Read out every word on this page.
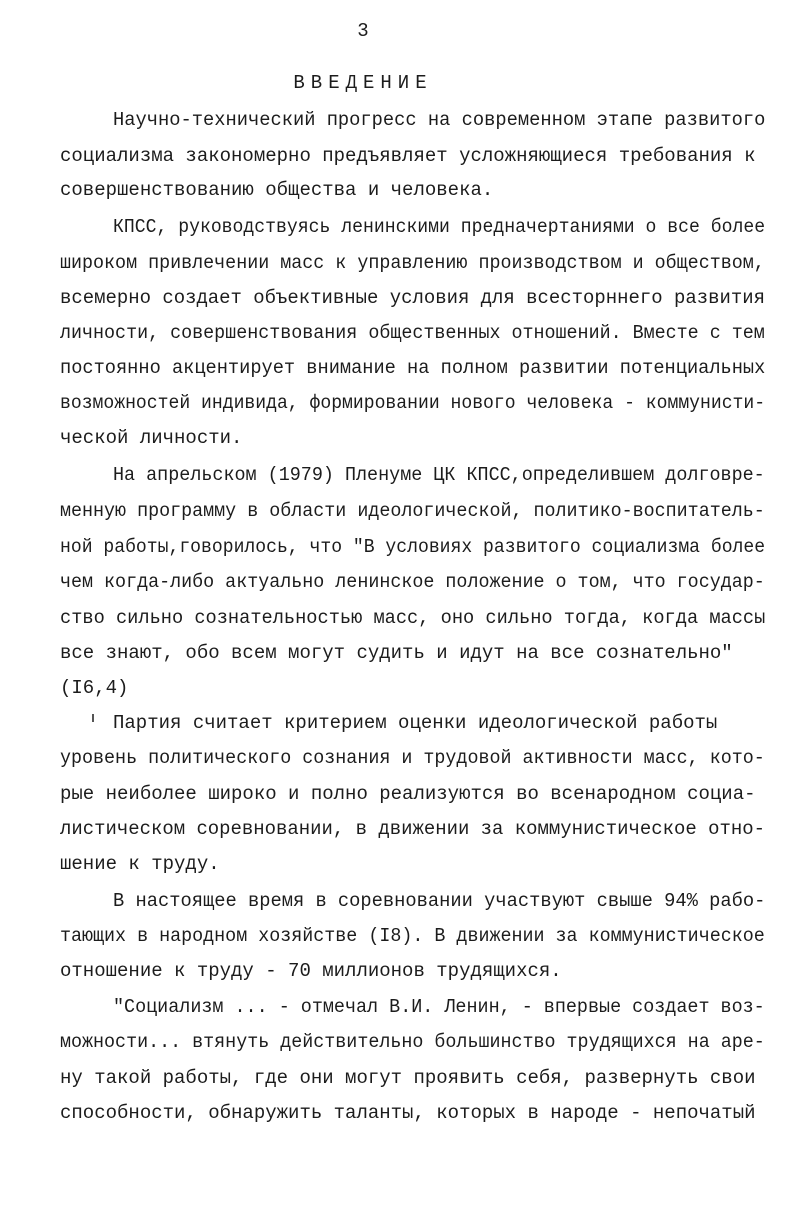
3
ВВЕДЕНИЕ
Научно-технический прогресс на современном этапе развитого
социализма закономерно предъявляет усложняющиеся требования к
совершенствованию общества и человека.
КПСС, руководствуясь ленинскими предначертаниями о все более
широком привлечении масс к управлению производством и обществом,
всемерно создает объективные условия для всесторннего развития
личности, совершенствования общественных отношений. Вместе с тем
постоянно акцентирует внимание на полном развитии потенциальных
возможностей индивида, формировании нового человека - коммунисти-
ческой личности.
На апрельском (1979) Пленуме ЦК КПСС,определившем долговре-
менную программу в области идеологической, политико-воспитатель-
ной работы,говорилось, что "В условиях развитого социализма более
чем когда-либо актуально ленинское положение о том, что государ-
ство сильно сознательностью масс, оно сильно тогда, когда массы
все знают, обо всем могут судить и идут на все сознательно"
(I6,4)
Партия считает критерием оценки идеологической работы
уровень политического сознания и трудовой активности масс, кото-
рые неиболее широко и полно реализуются во всенародном социа-
листическом соревновании, в движении за коммунистическое отно-
шение к труду.
В настоящее время в соревновании участвуют свыше 94% рабо-
тающих в народном хозяйстве (I8). В движении за коммунистическое
отношение к труду - 70 миллионов трудящихся.
"Социализм ... - отмечал В.И. Ленин, - впервые создает воз-
можности... втянуть действительно большинство трудящихся на аре-
ну такой работы, где они могут проявить себя, развернуть свои
способности, обнаружить таланты, которых в народе - непочатый
